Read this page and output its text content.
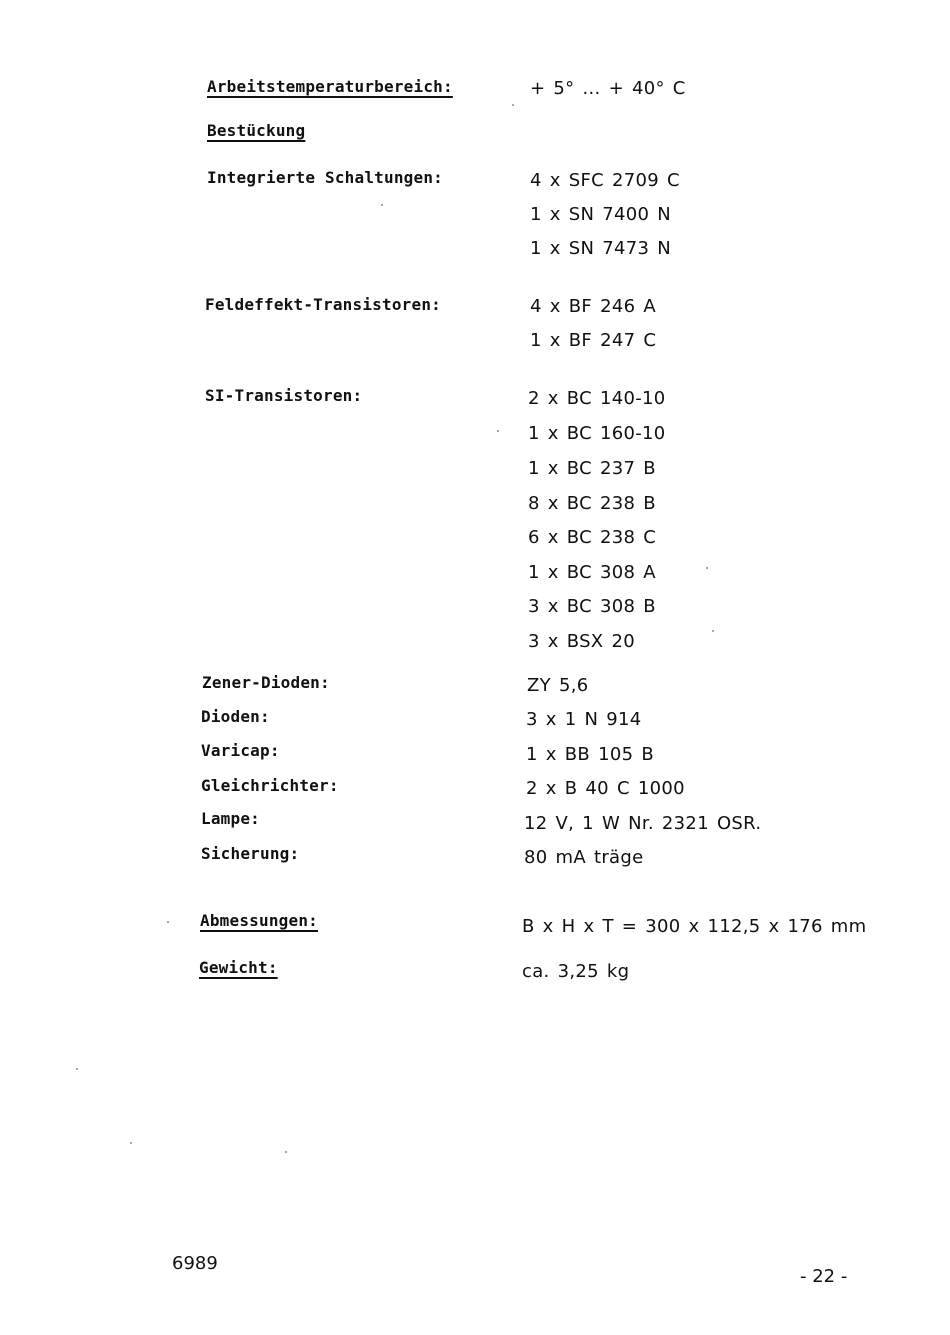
Arbeitstemperaturbereich:	+ 5° ... + 40° C
Bestückung
Integrierte Schaltungen:	4 x SFC 2709 C
1 x SN 7400 N
1 x SN 7473 N
Feldeffekt-Transistoren:	4 x BF 246 A
1 x BF 247 C
SI-Transistoren:	2 x BC 140-10
1 x BC 160-10
1 x BC 237 B
8 x BC 238 B
6 x BC 238 C
1 x BC 308 A
3 x BC 308 B
3 x BSX 20
Zener-Dioden:	ZY 5,6
Dioden:	3 x 1 N 914
Varicap:	1 x BB 105 B
Gleichrichter:	2 x B 40 C 1000
Lampe:	12 V, 1 W Nr. 2321 OSR.
Sicherung:	80 mA träge
Abmessungen:	B x H x T = 300 x 112,5 x 176 mm
Gewicht:	ca. 3,25 kg
6989
- 22 -
